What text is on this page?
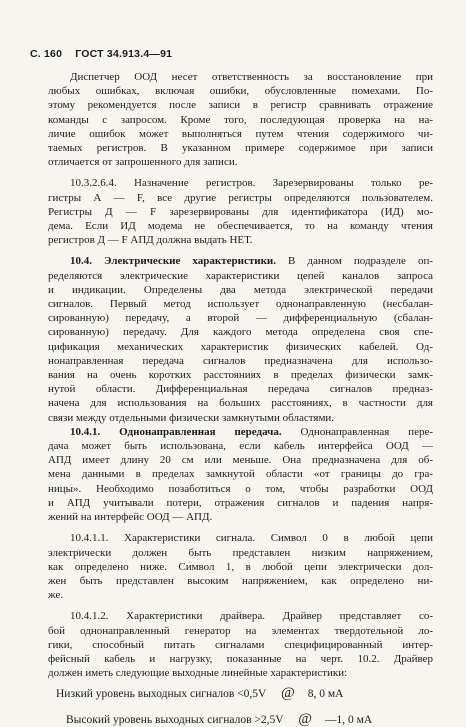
С. 160 ГОСТ 34.913.4—91
Диспетчер ООД несет ответственность за восстановление при
любых ошибках, включая ошибки, обусловленные помехами. По-
этому рекомендуется после записи в регистр сравнивать отражение
команды с запросом. Кроме того, последующая проверка на на-
личие ошибок может выполняться путем чтения содержимого чи-
таемых регистров. В указанном примере содержимое при записи
отличается от запрошенного для записи.
10.3.2.6.4. Назначение регистров. Зарезервированы только ре-
гистры А — F, все другие регистры определяются пользователем.
Регистры Д — F зарезервированы для идентификатора (ИД) мо-
дема. Если ИД модема не обеспечивается, то на команду чтения
регистров Д — F АПД должна выдать НЕТ.
10.4. Электрические характеристики. В данном подразделе оп-
ределяются электрические характеристики цепей каналов запроса
и индикации. Определены два метода электрической передачи
сигналов. Первый метод использует однонаправленную (несбалан-
сированную) передачу, а второй — дифференциальную (сбалан-
сированную) передачу. Для каждого метода определена своя спе-
цификация механических характеристик физических кабелей. Од-
нонаправленная передача сигналов предназначена для использо-
вания на очень коротких расстояниях в пределах физически замк-
нутой области. Дифференциальная передача сигналов предназ-
начена для использования на больших расстояниях, в частности для
связи между отдельными физически замкнутыми областями.
10.4.1. Однонаправленная передача. Однонаправленная пере-
дача может быть использована, если кабель интерфейса ООД —
АПД имеет длину 20 см или меньше. Она предназначена для об-
мена данными в пределах замкнутой области «от границы до гра-
ницы». Необходимо позаботиться о том, чтобы разработки ООД
и АПД учитывали потери, отражения сигналов и падения напря-
жений на интерфейс ООД — АПД.
10.4.1.1. Характеристики сигнала. Символ 0 в любой цепи
электрически должен быть представлен низким напряжением,
как определено ниже. Символ 1, в любой цепи электрически дол-
жен быть представлен высоким напряжением, как определено ни-
же.
10.4.1.2. Характеристики драйвера. Драйвер представляет со-
бой однонаправленный генератор на элементах твердотельной ло-
гики, способный питать сигналами специфицированный интер-
фейсный кабель и нагрузку, показанные на черт. 10.2. Драйвер
должен иметь следующие выходные линейные характеристики:
Низкий уровень выходных сигналов <0,5V @ 8, 0 мА
Высокий уровень выходных сигналов >2,5V @ —1, 0 мА
